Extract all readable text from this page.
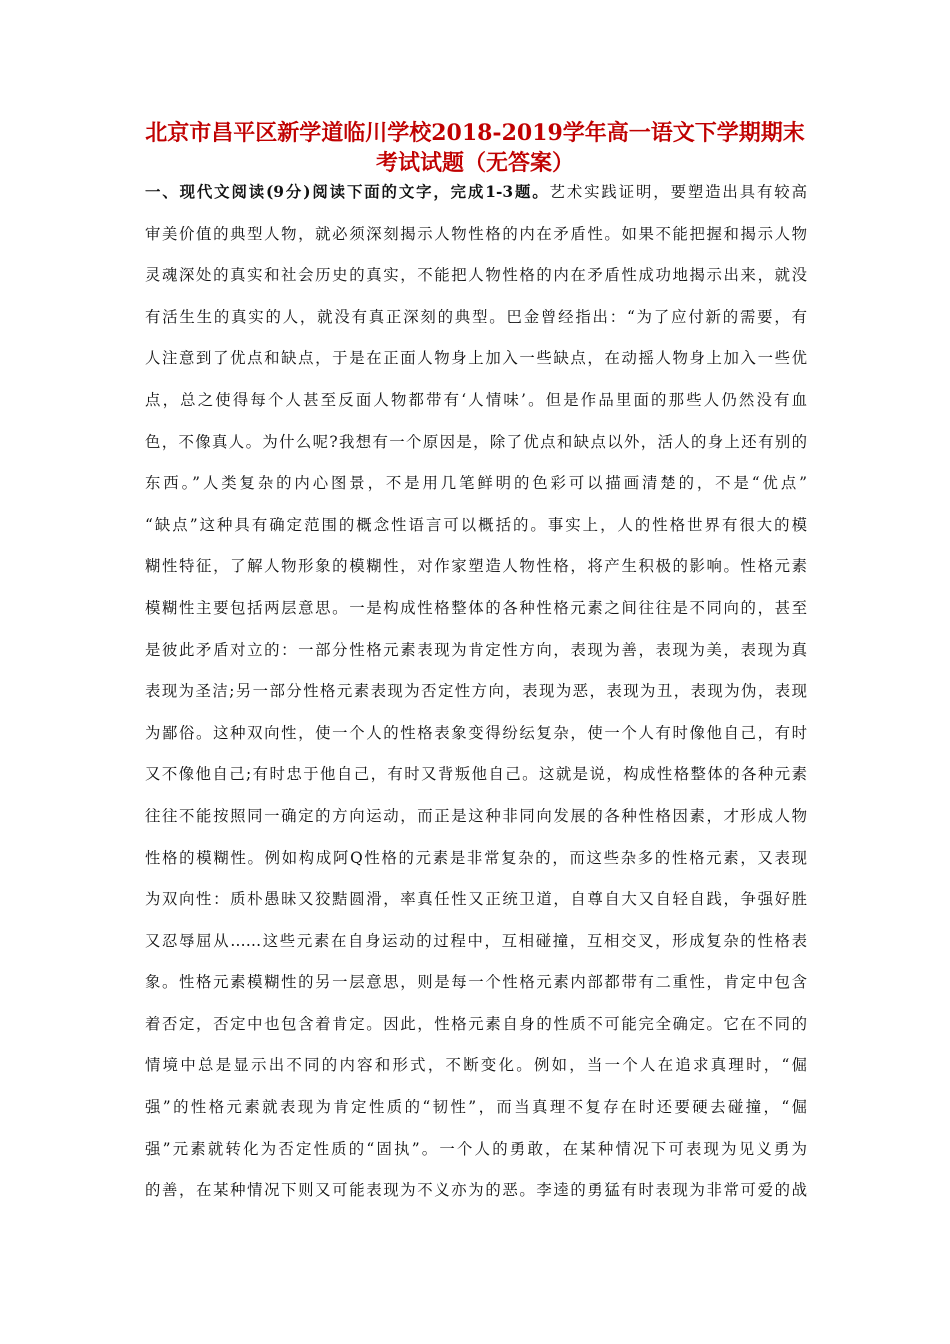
北京市昌平区新学道临川学校2018-2019学年高一语文下学期期末
考试试题（无答案）
一、现代文阅读(9分)阅读下面的文字，完成1-3题。艺术实践证明，要塑造出具有较高
审美价值的典型人物，就必须深刻揭示人物性格的内在矛盾性。如果不能把握和揭示人物
灵魂深处的真实和社会历史的真实，不能把人物性格的内在矛盾性成功地揭示出来，就没
有活生生的真实的人，就没有真正深刻的典型。巴金曾经指出：“为了应付新的需要，有
人注意到了优点和缺点，于是在正面人物身上加入一些缺点，在动摇人物身上加入一些优
点，总之使得每个人甚至反面人物都带有‘人情味’。但是作品里面的那些人仍然没有血
色，不像真人。为什么呢?我想有一个原因是，除了优点和缺点以外，活人的身上还有别的
东西。”人类复杂的内心图景，不是用几笔鲜明的色彩可以描画清楚的，不是“优点”
“缺点”这种具有确定范围的概念性语言可以概括的。事实上，人的性格世界有很大的模
糊性特征，了解人物形象的模糊性，对作家塑造人物性格，将产生积极的影响。性格元素
模糊性主要包括两层意思。一是构成性格整体的各种性格元素之间往往是不同向的，甚至
是彼此矛盾对立的：一部分性格元素表现为肯定性方向，表现为善，表现为美，表现为真
表现为圣洁;另一部分性格元素表现为否定性方向，表现为恶，表现为丑，表现为伪，表现
为鄙俗。这种双向性，使一个人的性格表象变得纷纭复杂，使一个人有时像他自己，有时
又不像他自己;有时忠于他自己，有时又背叛他自己。这就是说，构成性格整体的各种元素
往往不能按照同一确定的方向运动，而正是这种非同向发展的各种性格因素，才形成人物
性格的模糊性。例如构成阿Q性格的元素是非常复杂的，而这些杂多的性格元素，又表现
为双向性：质朴愚昧又狡黠圆滑，率真任性又正统卫道，自尊自大又自轻自践，争强好胜
又忍辱屈从……这些元素在自身运动的过程中，互相碰撞，互相交叉，形成复杂的性格表
象。性格元素模糊性的另一层意思，则是每一个性格元素内部都带有二重性，肯定中包含
着否定，否定中也包含着肯定。因此，性格元素自身的性质不可能完全确定。它在不同的
情境中总是显示出不同的内容和形式，不断变化。例如，当一个人在追求真理时，“倔
强”的性格元素就表现为肯定性质的“韧性”，而当真理不复存在时还要硬去碰撞，“倔
强”元素就转化为否定性质的“固执”。一个人的勇敢，在某种情况下可表现为见义勇为
的善，在某种情况下则又可能表现为不义亦为的恶。李逵的勇猛有时表现为非常可爱的战
